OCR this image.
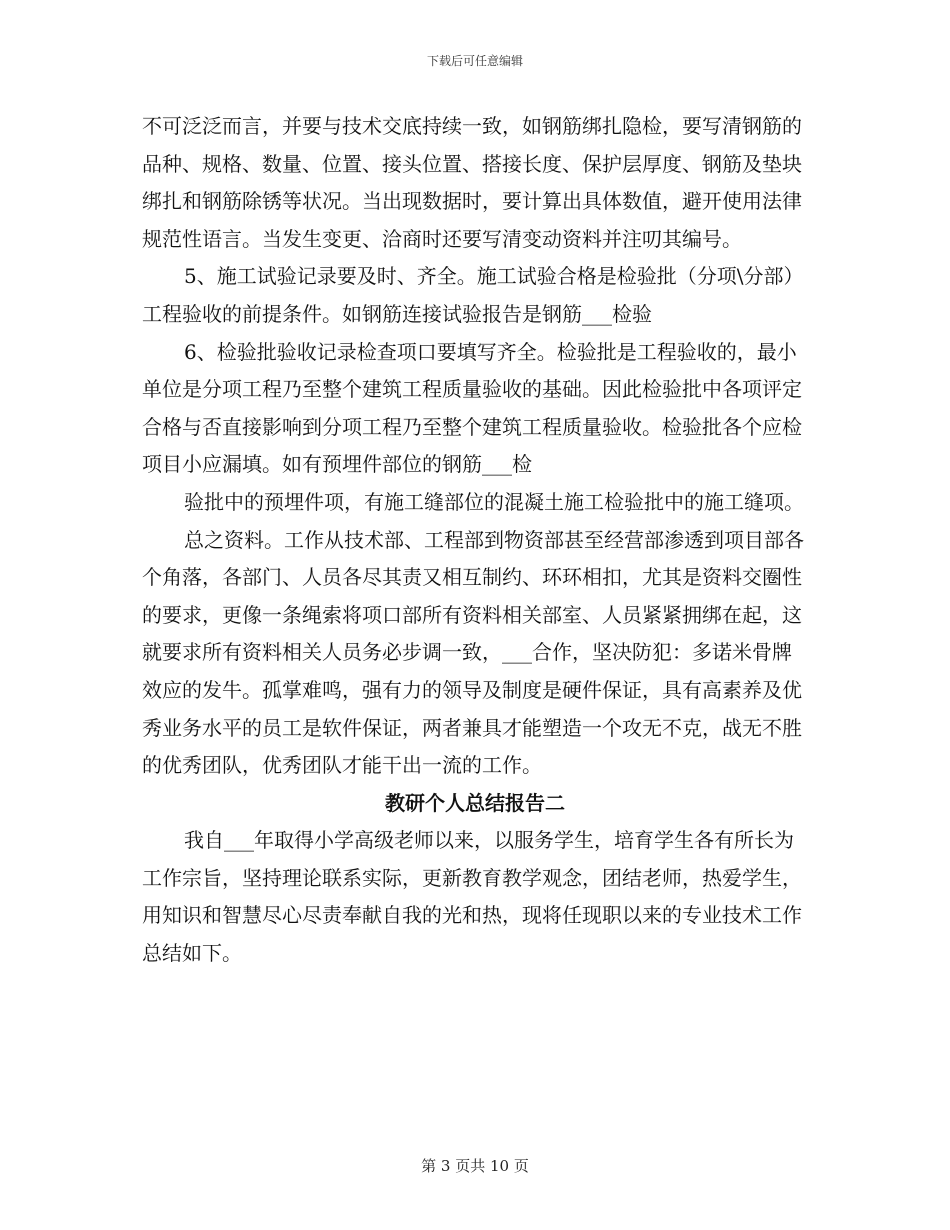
下载后可任意编辑

不可泛泛而言，并要与技术交底持续一致，如钢筋绑扎隐检，要写清钢筋的品种、规格、数量、位置、接头位置、搭接长度、保护层厚度、钢筋及垫块绑扎和钢筋除锈等状况。当出现数据时，要计算出具体数值，避开使用法律规范性语言。当发生变更、洽商时还要写清变动资料并注叨其编号。

5、施工试验记录要及时、齐全。施工试验合格是检验批（分项\分部）工程验收的前提条件。如钢筋连接试验报告是钢筋___检验

6、检验批验收记录检查项口要填写齐全。检验批是工程验收的，最小单位是分项工程乃至整个建筑工程质量验收的基础。因此检验批中各项评定合格与否直接影响到分项工程乃至整个建筑工程质量验收。检验批各个应检项目小应漏填。如有预埋件部位的钢筋___检

验批中的预埋件项，有施工缝部位的混凝土施工检验批中的施工缝项。

总之资料。工作从技术部、工程部到物资部甚至经营部渗透到项目部各个角落，各部门、人员各尽其责又相互制约、环环相扣，尤其是资料交圈性的要求，更像一条绳索将项口部所有资料相关部室、人员紧紧拥绑在起，这就要求所有资料相关人员务必步调一致，___合作，坚决防犯：多诺米骨牌效应的发牛。孤掌难鸣，强有力的领导及制度是硬件保证，具有高素养及优秀业务水平的员工是软件保证，两者兼具才能塑造一个攻无不克，战无不胜的优秀团队，优秀团队才能干出一流的工作。

教研个人总结报告二

我自___年取得小学高级老师以来，以服务学生，培育学生各有所长为工作宗旨，坚持理论联系实际，更新教育教学观念，团结老师，热爱学生，用知识和智慧尽心尽责奉献自我的光和热，现将任现职以来的专业技术工作总结如下。

第 3 页共 10 页
